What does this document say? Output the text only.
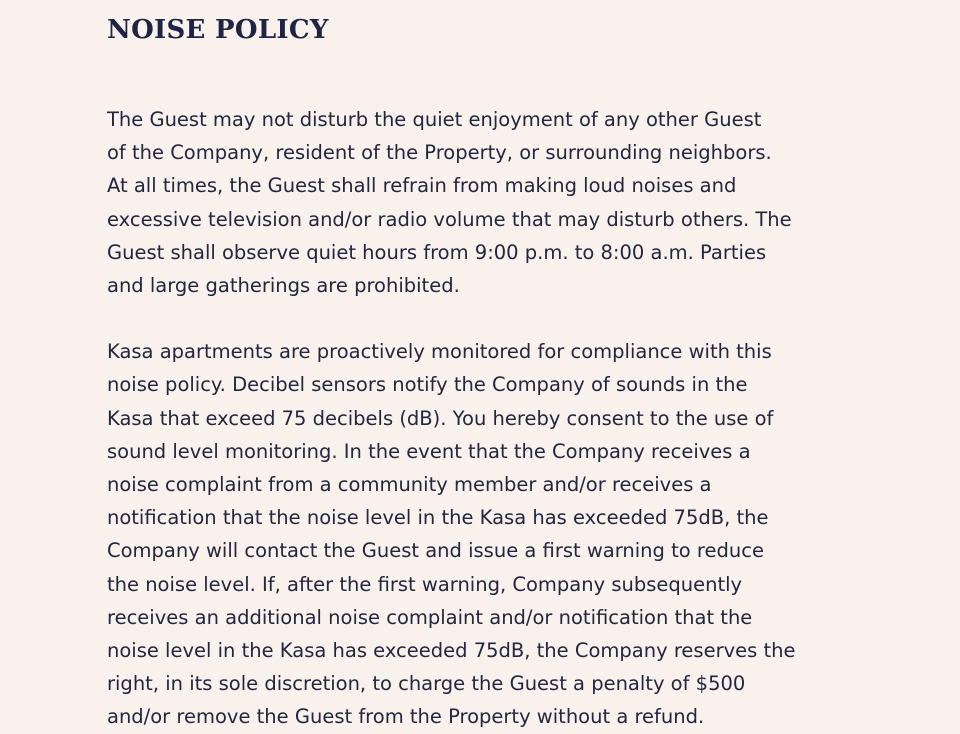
NOISE POLICY

The Guest may not disturb the quiet enjoyment of any other Guest
of the Company, resident of the Property, or surrounding neighbors.
At all times, the Guest shall refrain from making loud noises and
excessive television and/or radio volume that may disturb others. The
Guest shall observe quiet hours from 9:00 p.m. to 8:00 a.m. Parties
and large gatherings are prohibited.

Kasa apartments are proactively monitored for compliance with this
noise policy. Decibel sensors notify the Company of sounds in the
Kasa that exceed 75 decibels (dB). You hereby consent to the use of
sound level monitoring. In the event that the Company receives a
noise complaint from a community member and/or receives a
notification that the noise level in the Kasa has exceeded 75dB, the
Company will contact the Guest and issue a first warning to reduce
the noise level. If, after the first warning, Company subsequently
receives an additional noise complaint and/or notification that the
noise level in the Kasa has exceeded 75dB, the Company reserves the
right, in its sole discretion, to charge the Guest a penalty of $500
and/or remove the Guest from the Property without a refund.
